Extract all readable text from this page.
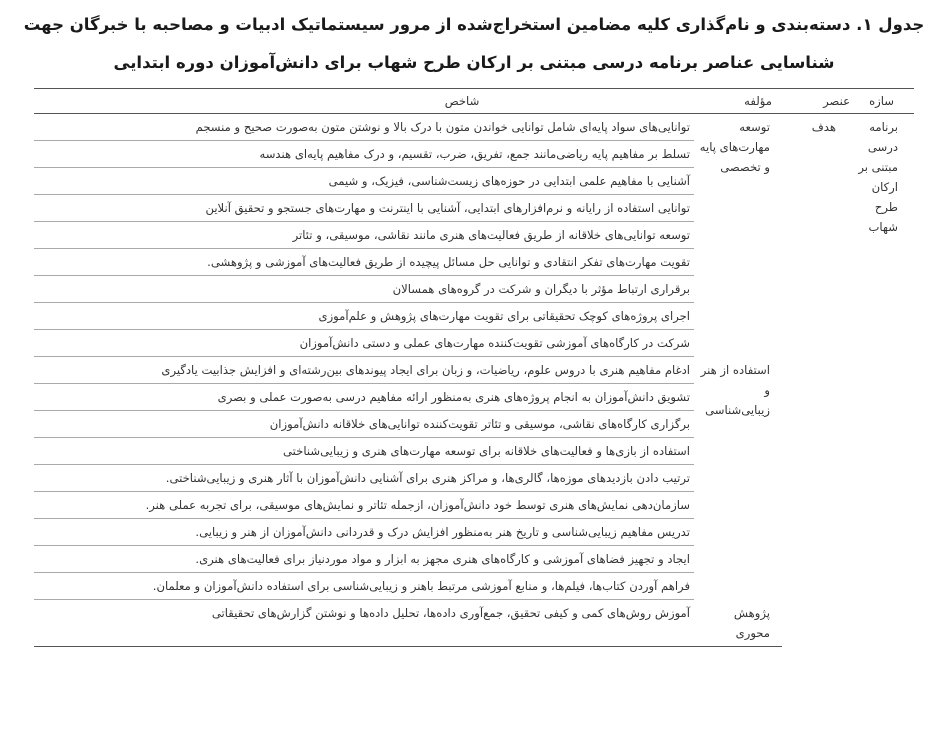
جدول ۱. دسته‌بندی و نام‌گذاری کلیه مضامین استخراج‌شده از مرور سیستماتیک ادبیات و مصاحبه با خبرگان جهت
شناسایی عناصر برنامه درسی مبتنی بر ارکان طرح شهاب برای دانش‌آموزان دوره ابتدایی
سازه	عنصر	مؤلفه	شاخص
برنامه درسی مبتنی بر ارکان طرح شهاب	هدف	توسعه مهارت‌های پایه و تخصصی	توانایی‌های سواد پایه‌ای شامل توانایی خواندن متون با درک بالا و نوشتن متون به‌صورت صحیح و منسجم
			تسلط بر مفاهیم پایه ریاضی‌مانند جمع، تفریق، ضرب، تقسیم، و درک مفاهیم پایه‌ای هندسه
			آشنایی با مفاهیم علمی ابتدایی در حوزه‌های زیست‌شناسی، فیزیک، و شیمی
			توانایی استفاده از رایانه و نرم‌افزارهای ابتدایی، آشنایی با اینترنت و مهارت‌های جستجو و تحقیق آنلاین
			توسعه توانایی‌های خلاقانه از طریق فعالیت‌های هنری مانند نقاشی، موسیقی، و تئاتر
			تقویت مهارت‌های تفکر انتقادی و توانایی حل مسائل پیچیده از طریق فعالیت‌های آموزشی و پژوهشی.
			برقراری ارتباط مؤثر با دیگران و شرکت در گروه‌های همسالان
			اجرای پروژه‌های کوچک تحقیقاتی برای تقویت مهارت‌های پژوهش و علم‌آموزی
			شرکت در کارگاه‌های آموزشی تقویت‌کننده مهارت‌های عملی و دستی دانش‌آموزان
		استفاده از هنر و زیبایی‌شناسی	ادغام مفاهیم هنری با دروس علوم، ریاضیات، و زبان برای ایجاد پیوندهای بین‌رشته‌ای و افزایش جذابیت یادگیری
			تشویق دانش‌آموزان به انجام پروژه‌های هنری به‌منظور ارائه مفاهیم درسی به‌صورت عملی و بصری
			برگزاری کارگاه‌های نقاشی، موسیقی و تئاتر تقویت‌کننده توانایی‌های خلاقانه دانش‌آموزان
			استفاده از بازی‌ها و فعالیت‌های خلاقانه برای توسعه مهارت‌های هنری و زیبایی‌شناختی
			ترتیب دادن بازدیدهای موزه‌ها، گالری‌ها، و مراکز هنری برای آشنایی دانش‌آموزان با آثار هنری و زیبایی‌شناختی.
			سازمان‌دهی نمایش‌های هنری توسط خود دانش‌آموزان، ازجمله تئاتر و نمایش‌های موسیقی، برای تجربه عملی هنر.
			تدریس مفاهیم زیبایی‌شناسی و تاریخ هنر به‌منظور افزایش درک و قدردانی دانش‌آموزان از هنر و زیبایی.
			ایجاد و تجهیز فضاهای آموزشی و کارگاه‌های هنری مجهز به ابزار و مواد موردنیاز برای فعالیت‌های هنری.
			فراهم آوردن کتاب‌ها، فیلم‌ها، و منابع آموزشی مرتبط باهنر و زیبایی‌شناسی برای استفاده دانش‌آموزان و معلمان.
		پژوهش محوری	آموزش روش‌های کمی و کیفی تحقیق، جمع‌آوری داده‌ها، تحلیل داده‌ها و نوشتن گزارش‌های تحقیقاتی
